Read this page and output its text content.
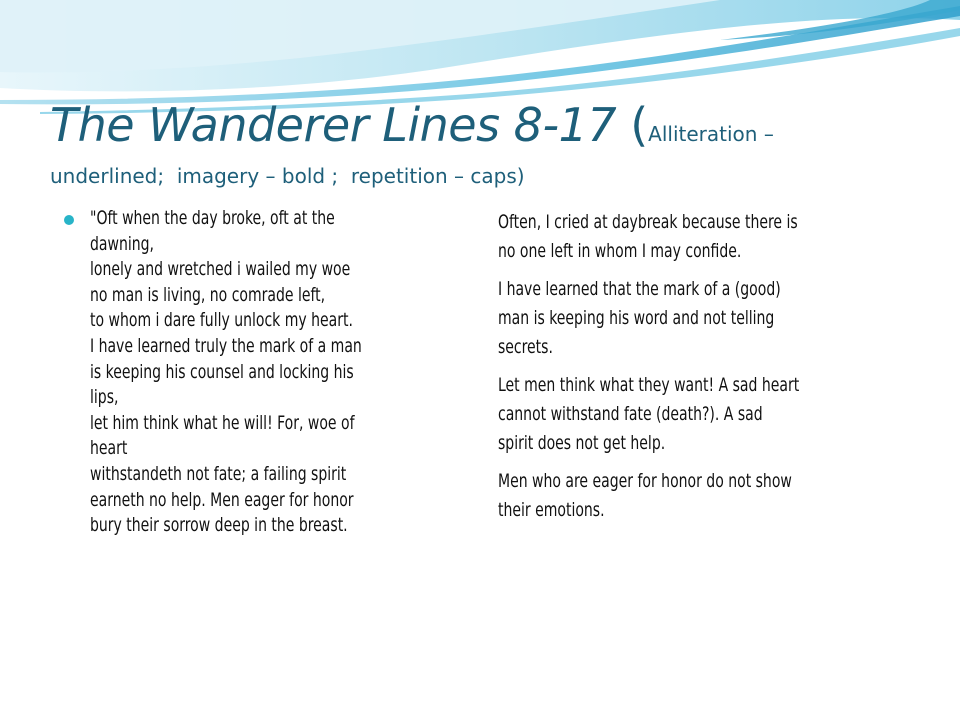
The Wanderer Lines 8-17 (Alliteration –
underlined;  imagery – bold ;  repetition – caps)
"Oft when the day broke, oft at the
dawning,
lonely and wretched i wailed my woe
no man is living, no comrade left,
to whom i dare fully unlock my heart.
I have learned truly the mark of a man
is keeping his counsel and locking his
lips,
let him think what he will! For, woe of
heart
withstandeth not fate; a failing spirit
earneth no help. Men eager for honor
bury their sorrow deep in the breast.
Often, I cried at daybreak because there is
no one left in whom I may confide.
I have learned that the mark of a (good)
man is keeping his word and not telling
secrets.
Let men think what they want! A sad heart
cannot withstand fate (death?). A sad
spirit does not get help.
Men who are eager for honor do not show
their emotions.
